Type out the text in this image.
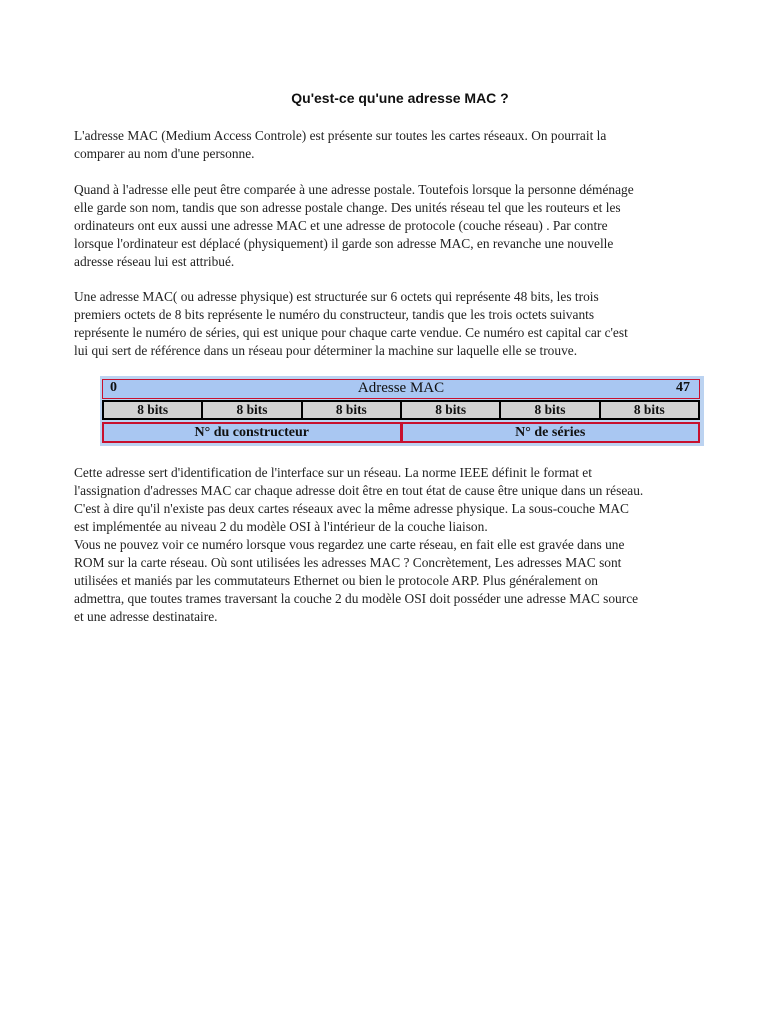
Qu'est-ce qu'une adresse MAC ?

L'adresse MAC (Medium Access Controle) est présente sur toutes les cartes réseaux. On pourrait la
comparer au nom d'une personne.

Quand à l'adresse elle peut être comparée à une adresse postale. Toutefois lorsque la personne déménage
elle garde son nom, tandis que son adresse postale change. Des unités réseau tel que les routeurs et les
ordinateurs ont eux aussi une adresse MAC et une adresse de protocole (couche réseau) . Par contre
lorsque l'ordinateur est déplacé (physiquement) il garde son adresse MAC, en revanche une nouvelle
adresse réseau lui est attribué.

Une adresse MAC( ou adresse physique) est structurée sur 6 octets qui représente 48 bits, les trois
premiers octets de 8 bits représente le numéro du constructeur, tandis que les trois octets suivants
représente le numéro de séries, qui est unique pour chaque carte vendue. Ce numéro est capital car c'est
lui qui sert de référence dans un réseau pour déterminer la machine sur laquelle elle se trouve.

0	Adresse MAC	47
8 bits	8 bits	8 bits	8 bits	8 bits	8 bits
N° du constructeur	N° de séries

Cette adresse sert d'identification de l'interface sur un réseau. La norme IEEE définit le format et
l'assignation d'adresses MAC car chaque adresse doit être en tout état de cause être unique dans un réseau.
C'est à dire qu'il n'existe pas deux cartes réseaux avec la même adresse physique. La sous-couche MAC
est implémentée au niveau 2 du modèle OSI à l'intérieur de la couche liaison.
Vous ne pouvez voir ce numéro lorsque vous regardez une carte réseau, en fait elle est gravée dans une
ROM sur la carte réseau. Où sont utilisées les adresses MAC ? Concrètement, Les adresses MAC sont
utilisées et maniés par les commutateurs Ethernet ou bien le protocole ARP. Plus généralement on
admettra, que toutes trames traversant la couche 2 du modèle OSI doit posséder une adresse MAC source
et une adresse destinataire.
